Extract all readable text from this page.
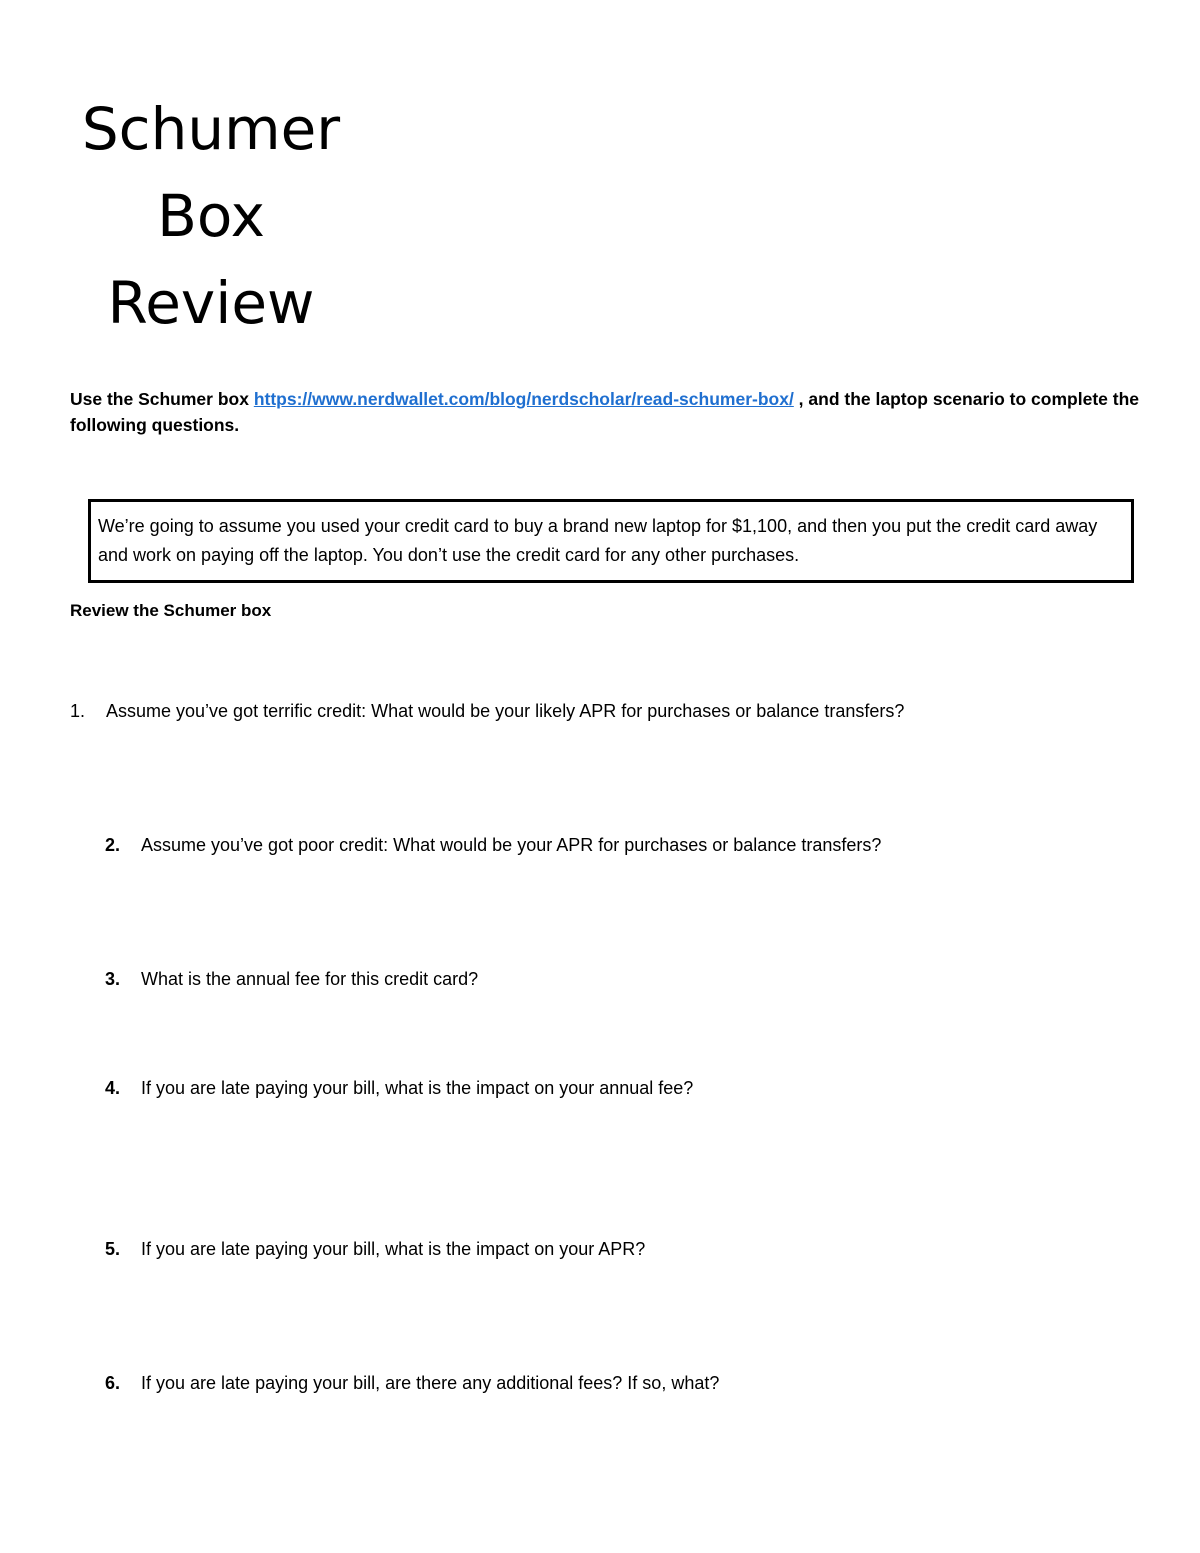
Schumer
Box
Review
Use the Schumer box https://www.nerdwallet.com/blog/nerdscholar/read-schumer-box/ , and the laptop scenario to complete the following questions.
We’re going to assume you used your credit card to buy a brand new laptop for $1,100, and then you put the credit card away and work on paying off the laptop. You don’t use the credit card for any other purchases.
Review the Schumer box
1. Assume you’ve got terrific credit: What would be your likely APR for purchases or balance transfers?
2. Assume you’ve got poor credit: What would be your APR for purchases or balance transfers?
3. What is the annual fee for this credit card?
4. If you are late paying your bill, what is the impact on your annual fee?
5. If you are late paying your bill, what is the impact on your APR?
6. If you are late paying your bill, are there any additional fees? If so, what?
